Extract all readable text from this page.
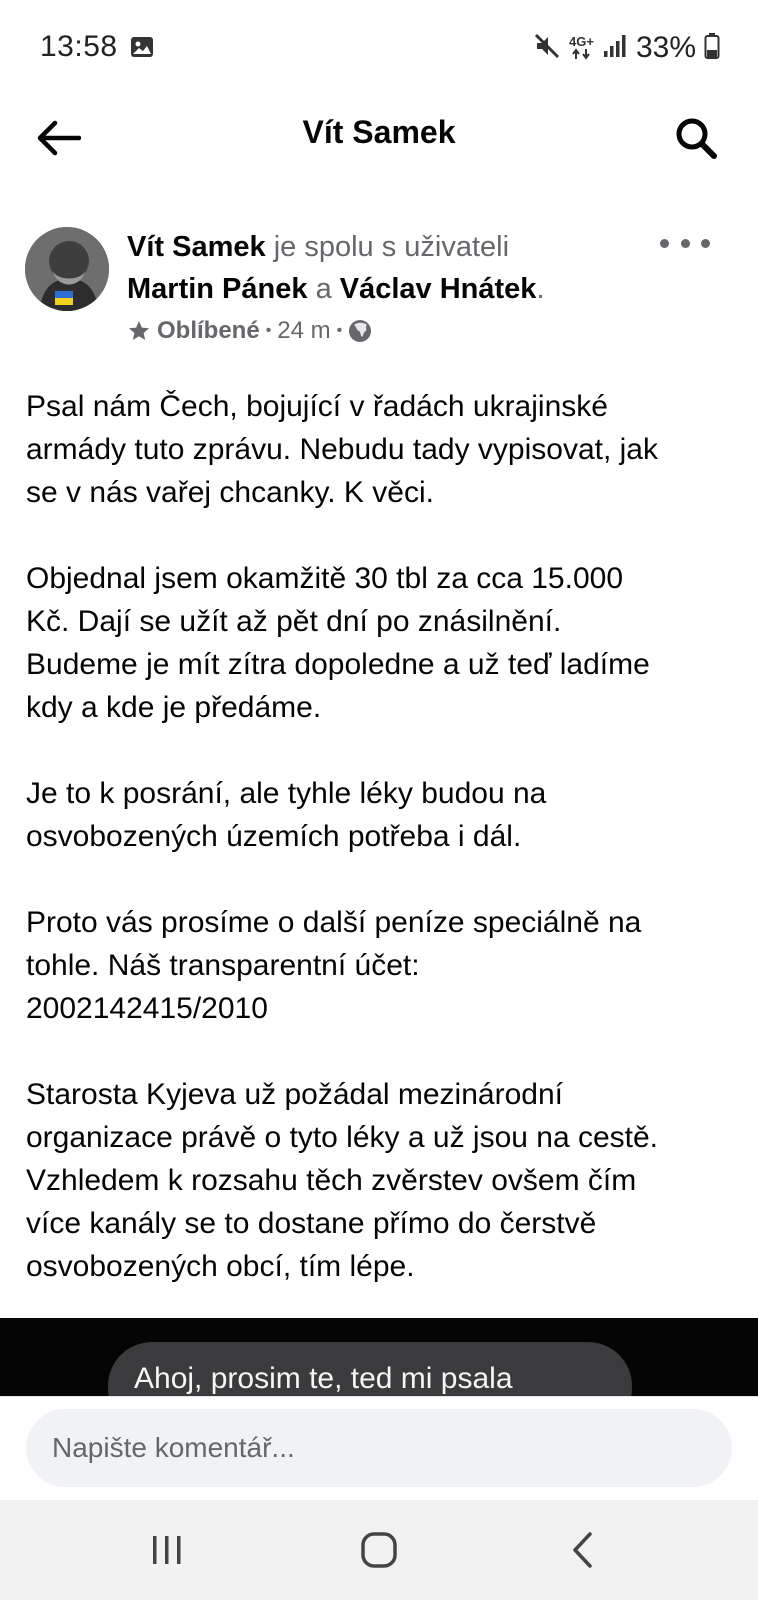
13:58	4G+ 33%
Vít Samek
Vít Samek je spolu s uživateli
Martin Pánek a Václav Hnátek.
Oblíbené • 24 m •

Psal nám Čech, bojující v řadách ukrajinské
armády tuto zprávu. Nebudu tady vypisovat, jak
se v nás vařej chcanky. K věci.

Objednal jsem okamžitě 30 tbl za cca 15.000
Kč. Dají se užít až pět dní po znásilnění.
Budeme je mít zítra dopoledne a už teď ladíme
kdy a kde je předáme.

Je to k posrání, ale tyhle léky budou na
osvobozených územích potřeba i dál.

Proto vás prosíme o další peníze speciálně na
tohle. Náš transparentní účet:
2002142415/2010

Starosta Kyjeva už požádal mezinárodní
organizace právě o tyto léky a už jsou na cestě.
Vzhledem k rozsahu těch zvěrstev ovšem čím
více kanály se to dostane přímo do čerstvě
osvobozených obcí, tím lépe.

Ahoj, prosim te, ted mi psala
Napište komentář...
